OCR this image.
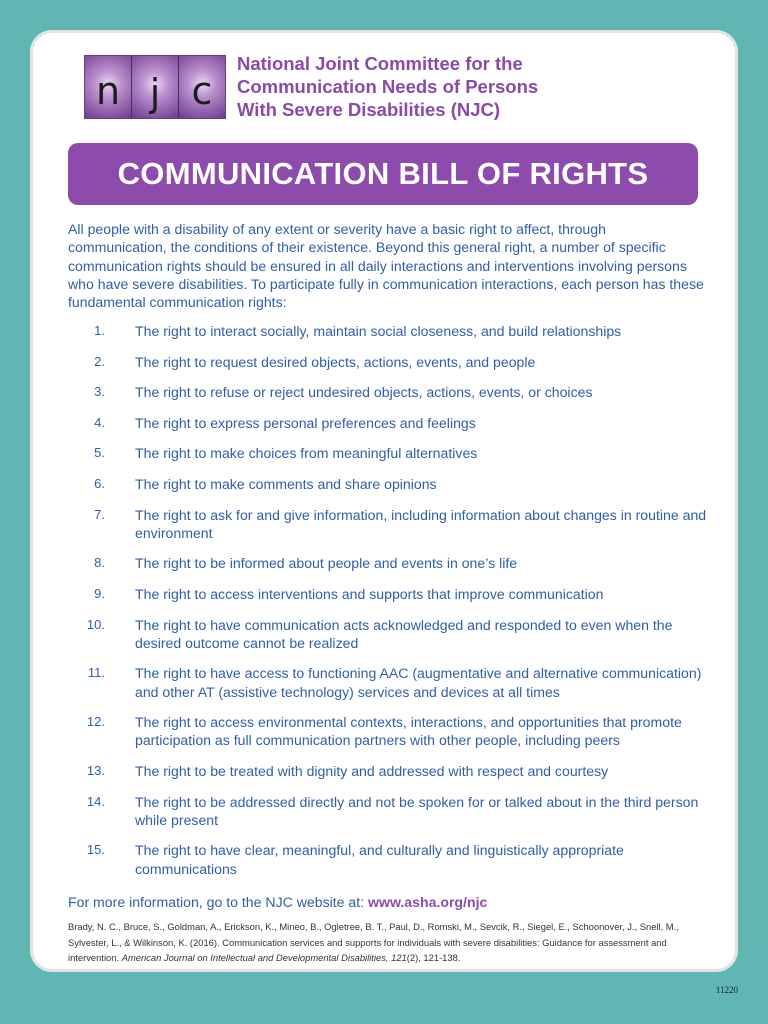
n j c
National Joint Committee for the
Communication Needs of Persons
With Severe Disabilities (NJC)
COMMUNICATION BILL OF RIGHTS

All people with a disability of any extent or severity have a basic right to affect, through communication, the conditions of their existence. Beyond this general right, a number of specific communication rights should be ensured in all daily interactions and interventions involving persons who have severe disabilities. To participate fully in communication interactions, each person has these fundamental communication rights:

1.	The right to interact socially, maintain social closeness, and build relationships
2.	The right to request desired objects, actions, events, and people
3.	The right to refuse or reject undesired objects, actions, events, or choices
4.	The right to express personal preferences and feelings
5.	The right to make choices from meaningful alternatives
6.	The right to make comments and share opinions
7.	The right to ask for and give information, including information about changes in routine and environment
8.	The right to be informed about people and events in one’s life
9.	The right to access interventions and supports that improve communication
10.	The right to have communication acts acknowledged and responded to even when the desired outcome cannot be realized
11.	The right to have access to functioning AAC (augmentative and alternative communication) and other AT (assistive technology) services and devices at all times
12.	The right to access environmental contexts, interactions, and opportunities that promote participation as full communication partners with other people, including peers
13.	The right to be treated with dignity and addressed with respect and courtesy
14.	The right to be addressed directly and not be spoken for or talked about in the third person while present
15.	The right to have clear, meaningful, and culturally and linguistically appropriate communications
For more information, go to the NJC website at: www.asha.org/njc
Brady, N. C., Bruce, S., Goldman, A., Erickson, K., Mineo, B., Ogletree, B. T., Paul, D., Romski, M., Sevcik, R., Siegel, E., Schoonover, J., Snell, M., Sylvester, L., & Wilkinson, K. (2016). Communication services and supports for individuals with severe disabilities: Guidance for assessment and intervention. American Journal on Intellectual and Developmental Disabilities, 121(2), 121-138.
11220
